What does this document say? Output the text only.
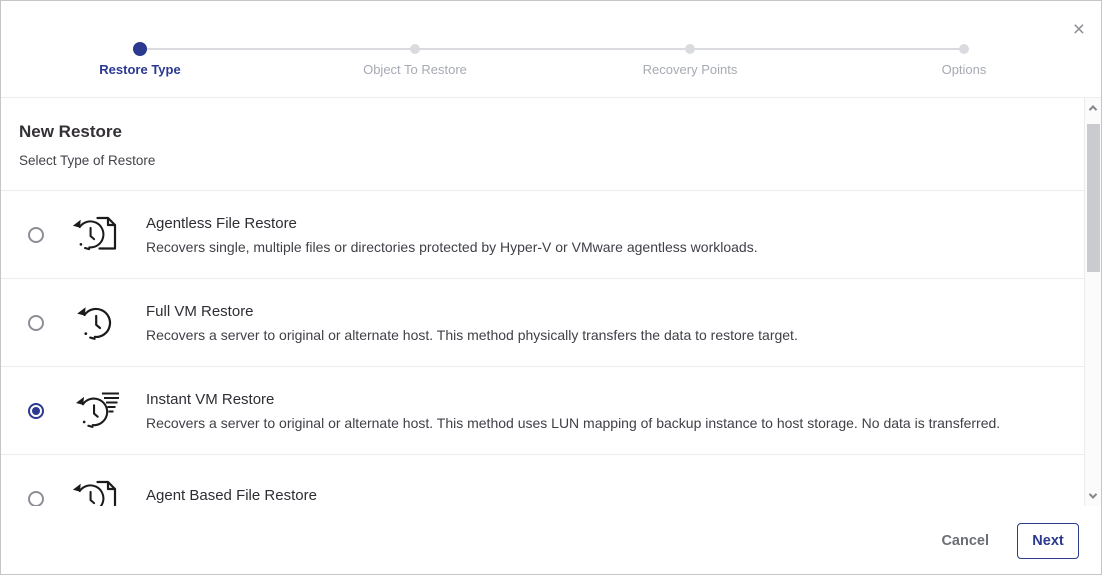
Restore Type	Object To Restore	Recovery Points	Options
×
New Restore
Select Type of Restore
Agentless File Restore
Recovers single, multiple files or directories protected by Hyper-V or VMware agentless workloads.
Full VM Restore
Recovers a server to original or alternate host. This method physically transfers the data to restore target.
Instant VM Restore
Recovers a server to original or alternate host. This method uses LUN mapping of backup instance to host storage. No data is transferred.
Agent Based File Restore
Cancel	Next
